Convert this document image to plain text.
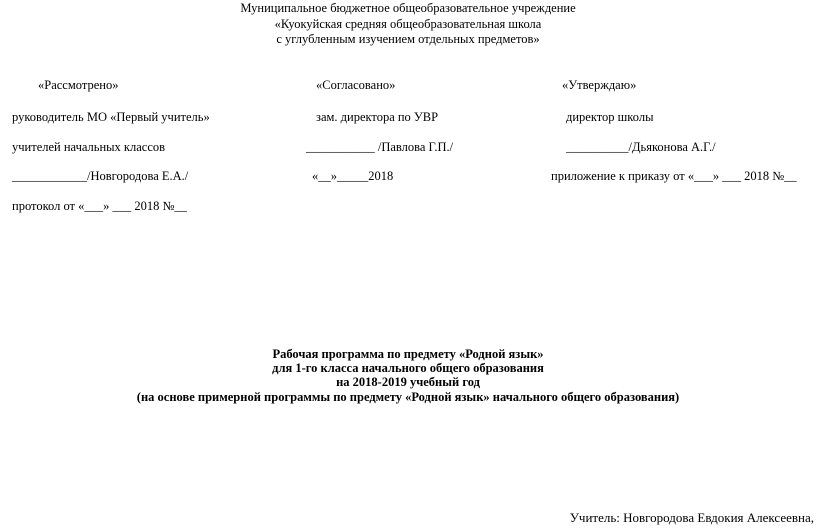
Муниципальное бюджетное общеобразовательное учреждение
«Куокуйская средняя общеобразовательная школа
с углубленным изучением отдельных предметов»
«Рассмотрено»
руководитель МО «Первый учитель»
учителей начальных классов
____________/Новгородова Е.А./
протокол от «___» ___ 2018 №__
«Согласовано»
зам. директора по УВР
___________ /Павлова Г.П./
«__»_____2018
«Утверждаю»
директор школы
__________/Дьяконова А.Г./
приложение к приказу от «___» ___ 2018 №__
Рабочая программа по предмету «Родной язык»
для 1-го класса начального общего образования
на 2018-2019 учебный год
(на основе примерной программы по предмету «Родной язык» начального общего образования)
Учитель: Новгородова Евдокия Алексеевна,
